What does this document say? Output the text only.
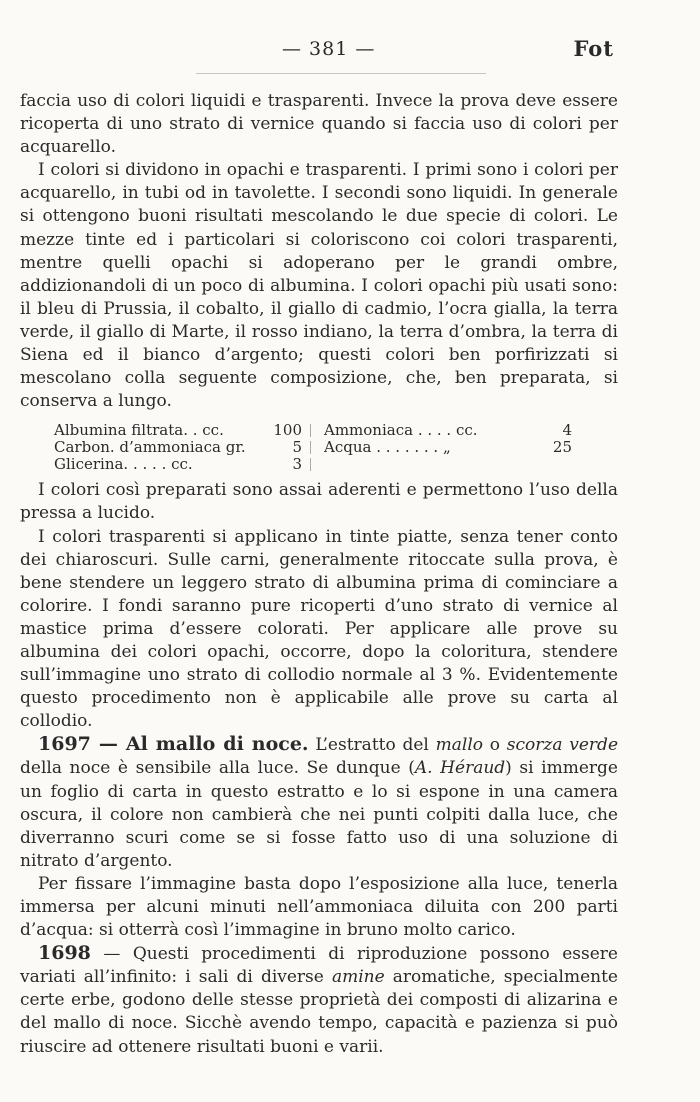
— 381 —	Fot

faccia uso di colori liquidi e trasparenti. Invece la prova deve essere ricoperta di uno strato di vernice quando si faccia uso di colori per acquarello.

I colori si dividono in opachi e trasparenti. I primi sono i colori per acquarello, in tubi od in tavolette. I secondi sono liquidi. In generale si ottengono buoni risultati mescolando le due specie di colori. Le mezze tinte ed i particolari si coloriscono coi colori trasparenti, mentre quelli opachi si adoperano per le grandi ombre, addizionandoli di un poco di albumina. I colori opachi più usati sono: il bleu di Prussia, il cobalto, il giallo di cadmio, l’ocra gialla, la terra verde, il giallo di Marte, il rosso indiano, la terra d’ombra, la terra di Siena ed il bianco d’argento; questi colori ben porfirizzati si mescolano colla seguente composizione, che, ben preparata, si conserva a lungo.

Albumina filtrata. . cc.	100
Carbon. d’ammoniaca gr.	5
Glicerina. . . . . cc.	3
Ammoniaca . . . . cc.	4
Acqua . . . . . . . „	25

I colori così preparati sono assai aderenti e permettono l’uso della pressa a lucido.

I colori trasparenti si applicano in tinte piatte, senza tener conto dei chiaroscuri. Sulle carni, generalmente ritoccate sulla prova, è bene stendere un leggero strato di albumina prima di cominciare a colorire. I fondi saranno pure ricoperti d’uno strato di vernice al mastice prima d’essere colorati. Per applicare alle prove su albumina dei colori opachi, occorre, dopo la coloritura, stendere sull’immagine uno strato di collodio normale al 3 %. Evidentemente questo procedimento non è applicabile alle prove su carta al collodio.

1697 — Al mallo di noce. L’estratto del mallo o scorza verde della noce è sensibile alla luce. Se dunque (A. Héraud) si immerge un foglio di carta in questo estratto e lo si espone in una camera oscura, il colore non cambierà che nei punti colpiti dalla luce, che diverranno scuri come se si fosse fatto uso di una soluzione di nitrato d’argento.

Per fissare l’immagine basta dopo l’esposizione alla luce, tenerla immersa per alcuni minuti nell’ammoniaca diluita con 200 parti d’acqua: si otterrà così l’immagine in bruno molto carico.

1698 — Questi procedimenti di riproduzione possono essere variati all’infinito: i sali di diverse amine aromatiche, specialmente certe erbe, godono delle stesse proprietà dei composti di alizarina e del mallo di noce. Sicchè avendo tempo, capacità e pazienza si può riuscire ad ottenere risultati buoni e varii.
